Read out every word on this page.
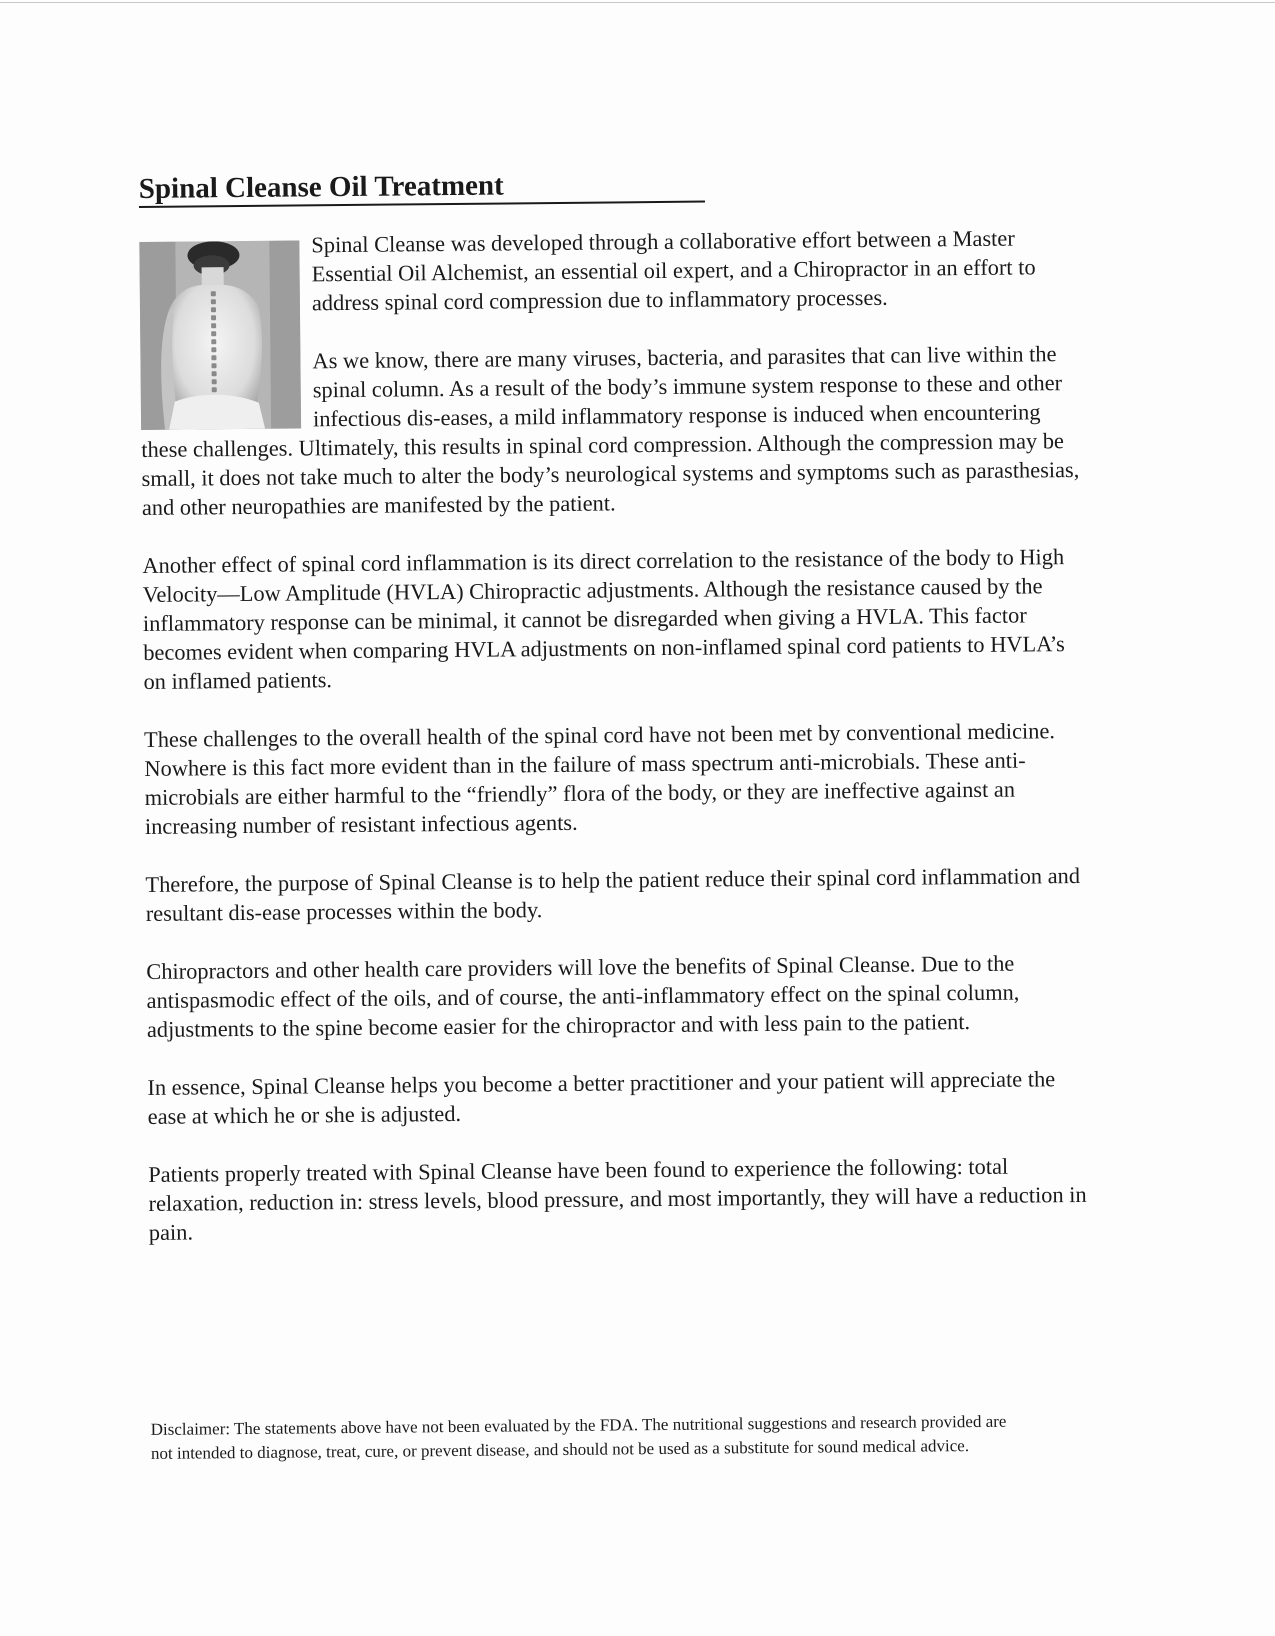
Spinal Cleanse Oil Treatment

Spinal Cleanse was developed through a collaborative effort between a Master Essential Oil Alchemist, an essential oil expert, and a Chiropractor in an effort to address spinal cord compression due to inflammatory processes.

As we know, there are many viruses, bacteria, and parasites that can live within the spinal column. As a result of the body’s immune system response to these and other infectious dis-eases, a mild inflammatory response is induced when encountering these challenges. Ultimately, this results in spinal cord compression. Although the compression may be small, it does not take much to alter the body’s neurological systems and symptoms such as parasthesias, and other neuropathies are manifested by the patient.

Another effect of spinal cord inflammation is its direct correlation to the resistance of the body to High Velocity—Low Amplitude (HVLA) Chiropractic adjustments. Although the resistance caused by the inflammatory response can be minimal, it cannot be disregarded when giving a HVLA. This factor becomes evident when comparing HVLA adjustments on non-inflamed spinal cord patients to HVLA’s on inflamed patients.

These challenges to the overall health of the spinal cord have not been met by conventional medicine. Nowhere is this fact more evident than in the failure of mass spectrum anti-microbials. These anti-microbials are either harmful to the “friendly” flora of the body, or they are ineffective against an increasing number of resistant infectious agents.

Therefore, the purpose of Spinal Cleanse is to help the patient reduce their spinal cord inflammation and resultant dis-ease processes within the body.

Chiropractors and other health care providers will love the benefits of Spinal Cleanse. Due to the antispasmodic effect of the oils, and of course, the anti-inflammatory effect on the spinal column, adjustments to the spine become easier for the chiropractor and with less pain to the patient.

In essence, Spinal Cleanse helps you become a better practitioner and your patient will appreciate the ease at which he or she is adjusted.

Patients properly treated with Spinal Cleanse have been found to experience the following: total relaxation, reduction in: stress levels, blood pressure, and most importantly, they will have a reduction in pain.

Disclaimer: The statements above have not been evaluated by the FDA. The nutritional suggestions and research provided are not intended to diagnose, treat, cure, or prevent disease, and should not be used as a substitute for sound medical advice.
